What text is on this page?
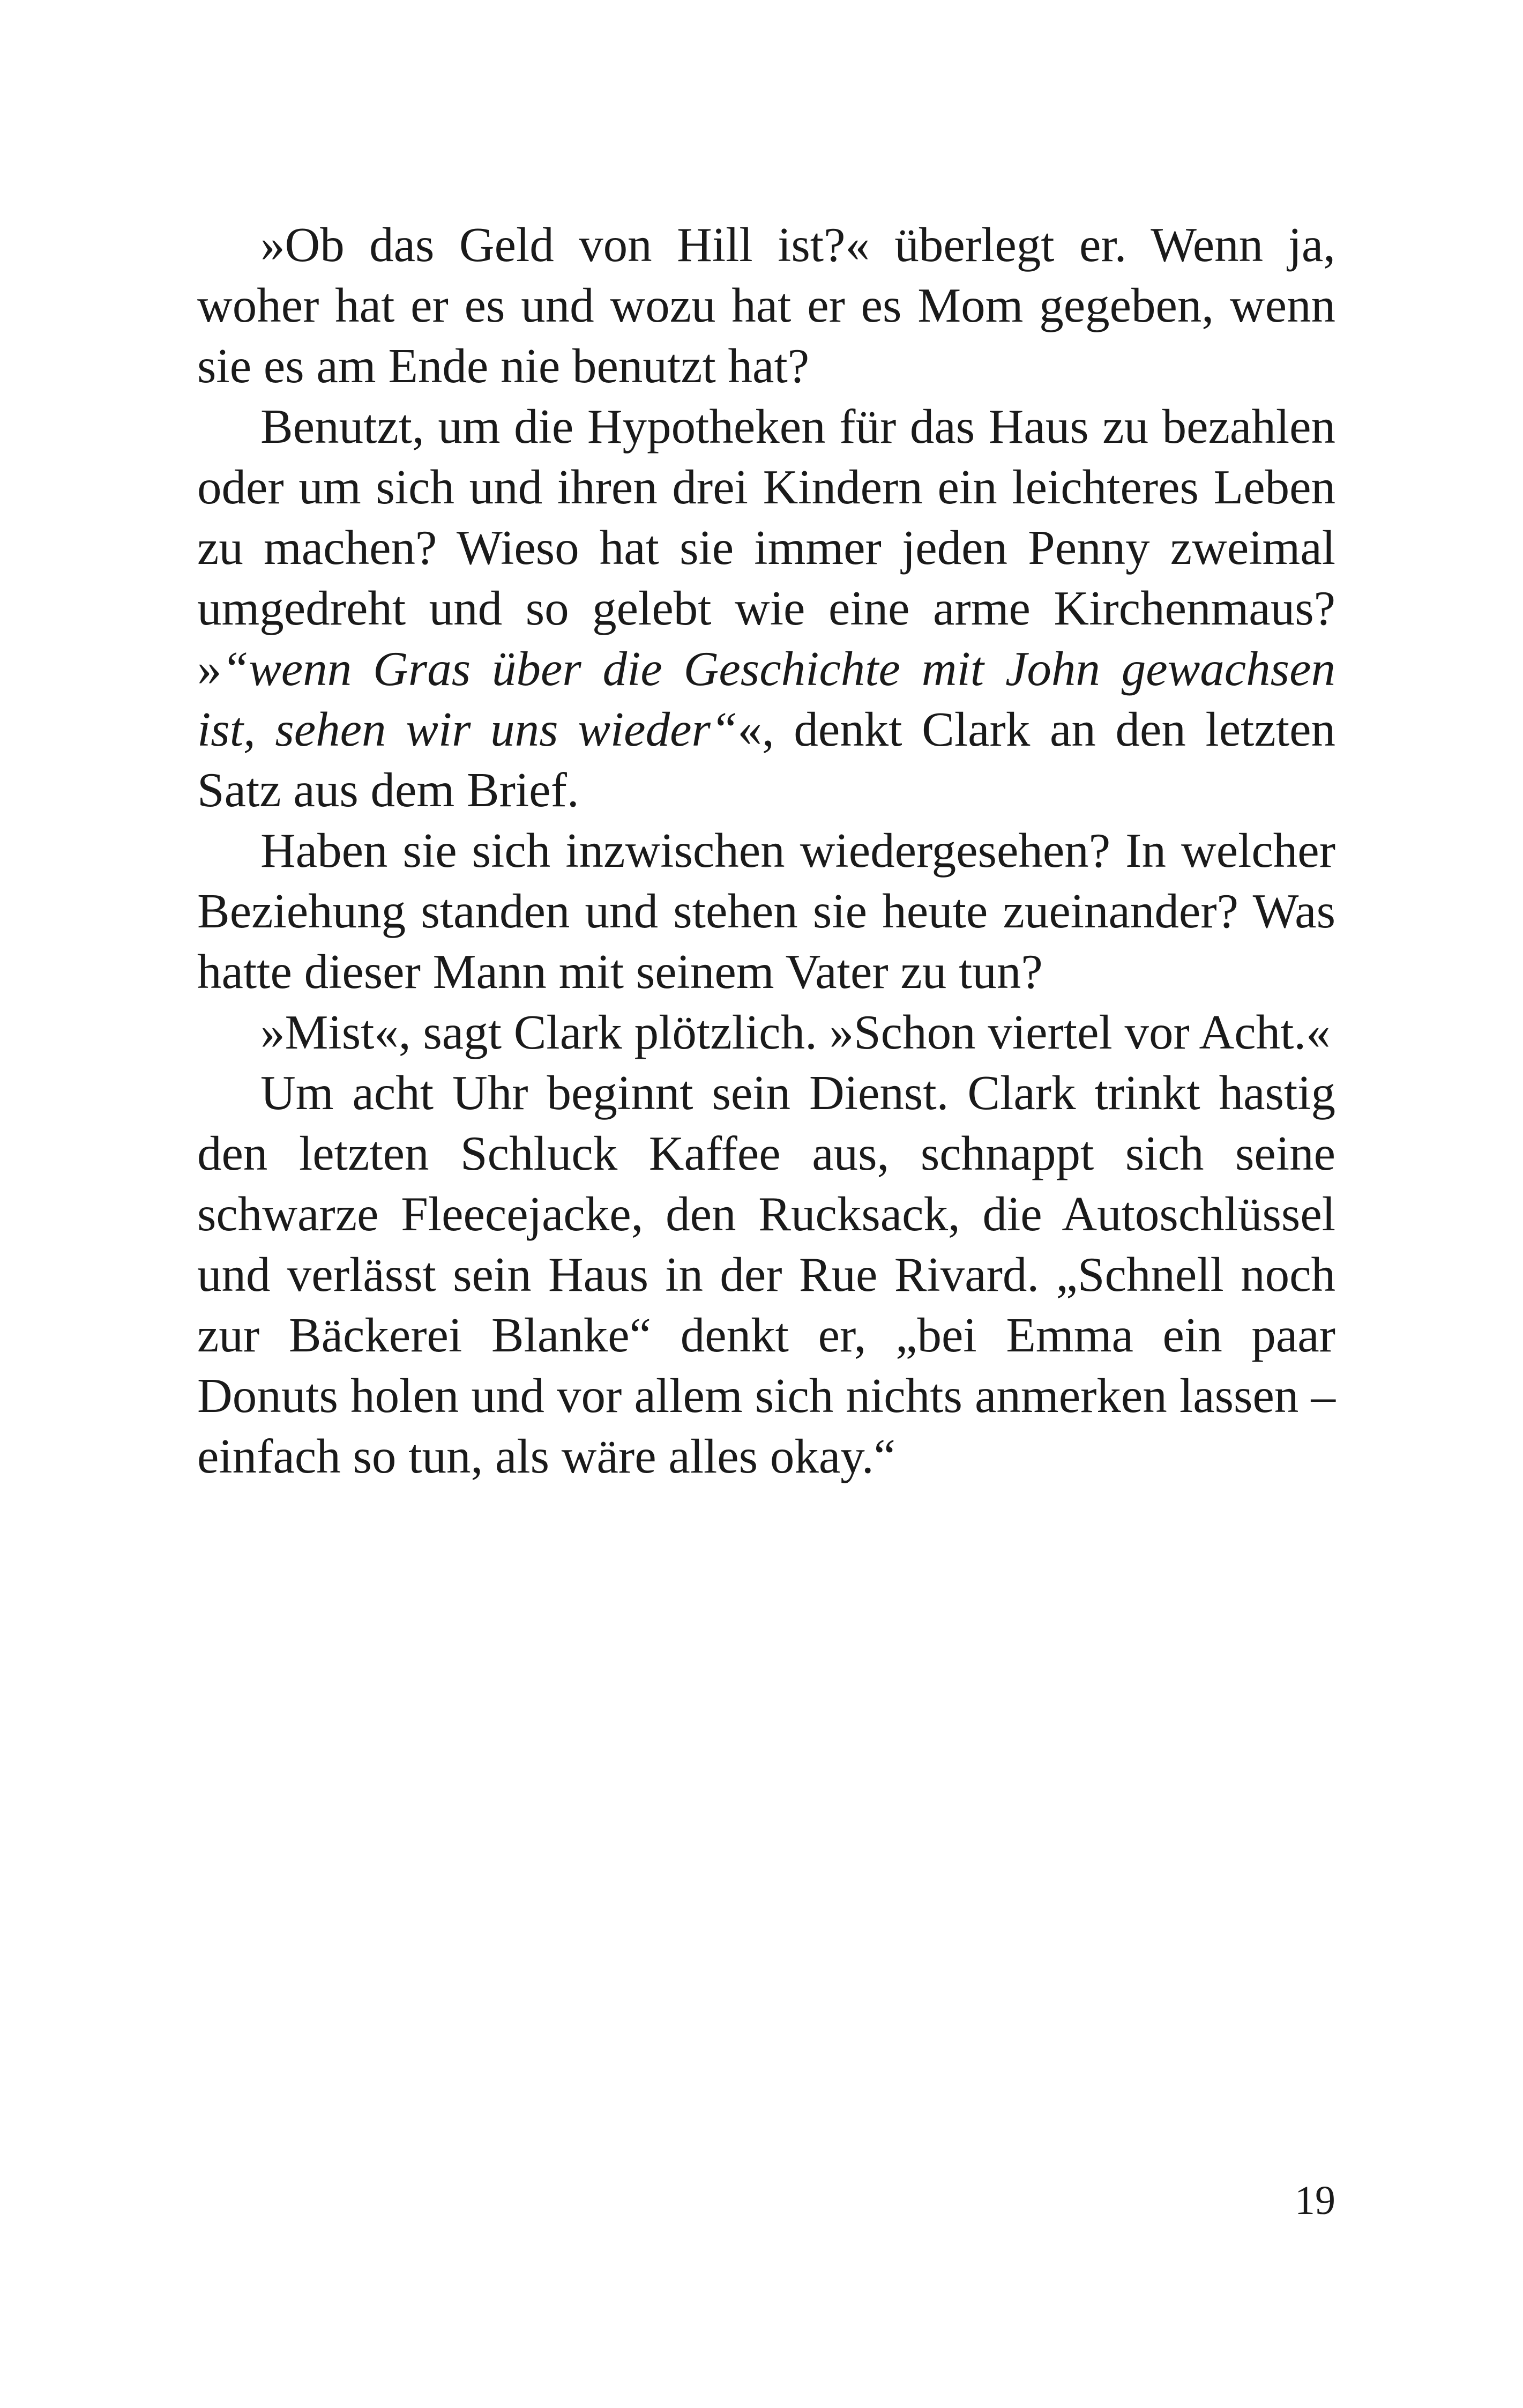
»Ob das Geld von Hill ist?« überlegt er. Wenn ja, woher hat er es und wozu hat er es Mom gegeben, wenn sie es am Ende nie benutzt hat?

Benutzt, um die Hypotheken für das Haus zu bezahlen oder um sich und ihren drei Kindern ein leichteres Leben zu machen? Wieso hat sie immer jeden Penny zweimal umgedreht und so gelebt wie eine arme Kirchenmaus? »“wenn Gras über die Geschichte mit John gewachsen ist, sehen wir uns wieder“«, denkt Clark an den letzten Satz aus dem Brief.

Haben sie sich inzwischen wiedergesehen? In welcher Beziehung standen und stehen sie heute zueinander? Was hatte dieser Mann mit seinem Vater zu tun?

»Mist«, sagt Clark plötzlich. »Schon viertel vor Acht.«

Um acht Uhr beginnt sein Dienst. Clark trinkt hastig den letzten Schluck Kaffee aus, schnappt sich seine schwarze Fleecejacke, den Rucksack, die Autoschlüssel und verlässt sein Haus in der Rue Rivard. „Schnell noch zur Bäckerei Blanke“ denkt er, „bei Emma ein paar Donuts holen und vor allem sich nichts anmerken lassen – einfach so tun, als wäre alles okay.“

19
